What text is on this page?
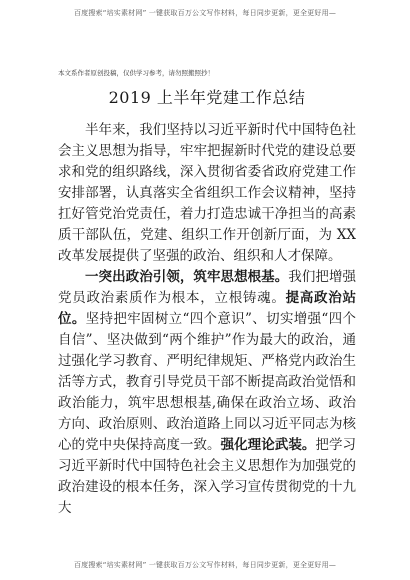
百度搜索“培实素材网” 一键获取百万公文写作材料，每日同步更新，更全更好用—
本文系作者原创投稿，仅供学习参考，请勿照搬照抄！
2019 上半年党建工作总结

半年来，我们坚持以习近平新时代中国特色社会主义思想为指导，牢牢把握新时代党的建设总要求和党的组织路线，深入贯彻省委省政府党建工作安排部署，认真落实全省组织工作会议精神，坚持扛好管党治党责任，着力打造忠诚干净担当的高素质干部队伍，党建、组织工作开创新厅面，为 XX 改革发展提供了坚强的政治、组织和人才保障。

一突出政治引领，筑牢思想根基。我们把增强党员政治素质作为根本，立根铸魂。提高政治站位。坚持把牢固树立“四个意识”、切实增强“四个自信”、坚决做到“两个维护”作为最大的政治，通过强化学习教育、严明纪律规矩、严格党内政治生活等方式，教育引导党员干部不断提高政治觉悟和政治能力，筑牢思想根基,确保在政治立场、政治方向、政治原则、政治道路上同以习近平同志为核心的党中央保持高度一致。强化理论武装。把学习习近平新时代中国特色社会主义思想作为加强党的政治建设的根本任务，深入学习宣传贯彻党的十九大

百度搜索“培实素材网” 一键获取百万公文写作材料，每日同步更新，更全更好用—
